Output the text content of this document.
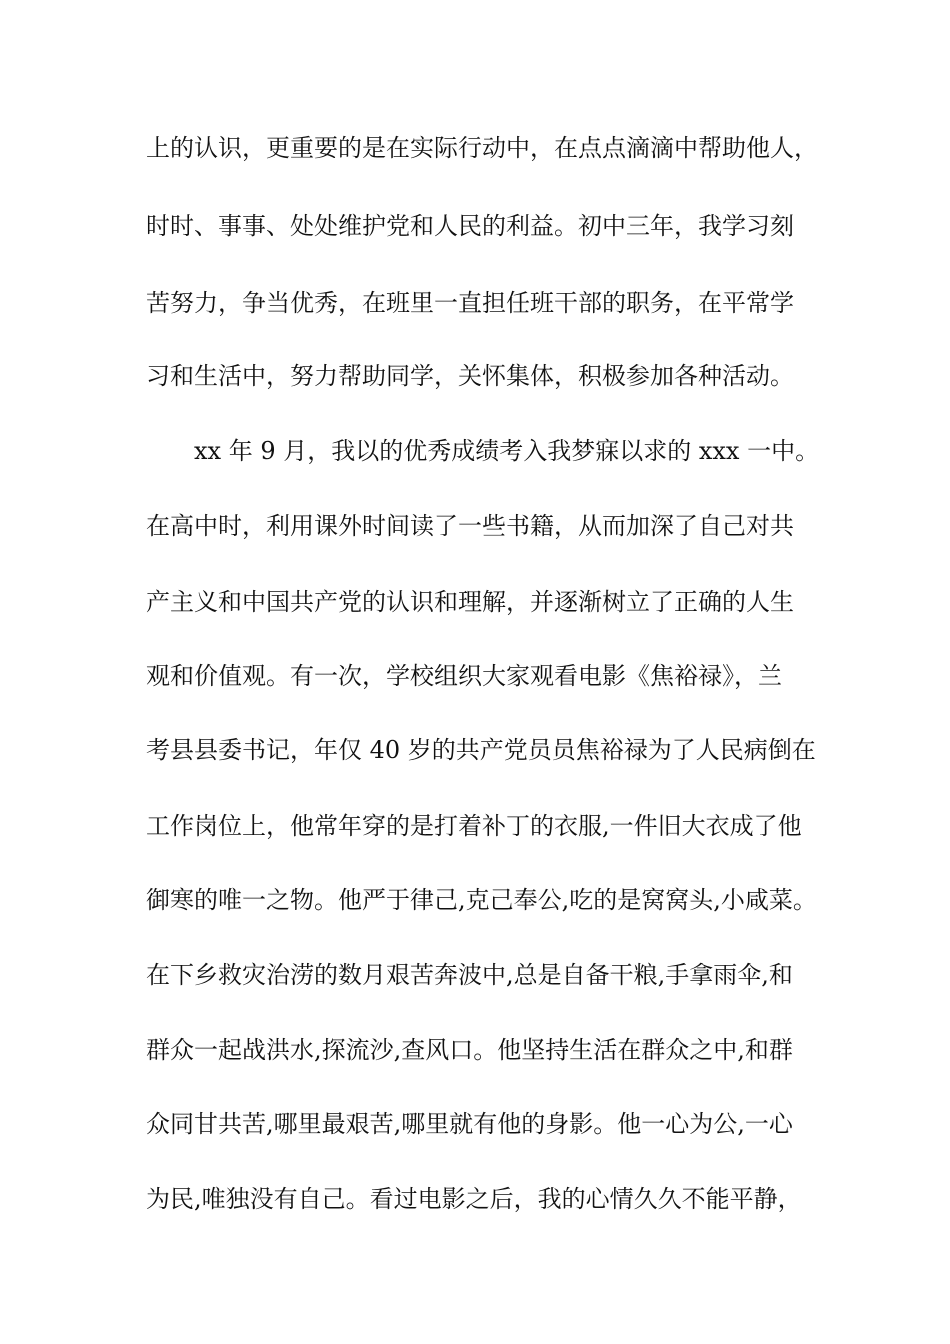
上的认识，更重要的是在实际行动中，在点点滴滴中帮助他人，
时时、事事、处处维护党和人民的利益。初中三年，我学习刻
苦努力，争当优秀，在班里一直担任班干部的职务，在平常学
习和生活中，努力帮助同学，关怀集体，积极参加各种活动。
xx 年 9 月，我以的优秀成绩考入我梦寐以求的 xxx 一中。
在高中时，利用课外时间读了一些书籍，从而加深了自己对共
产主义和中国共产党的认识和理解，并逐渐树立了正确的人生
观和价值观。有一次，学校组织大家观看电影《焦裕禄》，兰
考县县委书记，年仅 40 岁的共产党员员焦裕禄为了人民病倒在
工作岗位上，他常年穿的是打着补丁的衣服,一件旧大衣成了他
御寒的唯一之物。他严于律己,克己奉公,吃的是窝窝头,小咸菜。
在下乡救灾治涝的数月艰苦奔波中,总是自备干粮,手拿雨伞,和
群众一起战洪水,探流沙,查风口。他坚持生活在群众之中,和群
众同甘共苦,哪里最艰苦,哪里就有他的身影。他一心为公,一心
为民,唯独没有自己。看过电影之后，我的心情久久不能平静，
